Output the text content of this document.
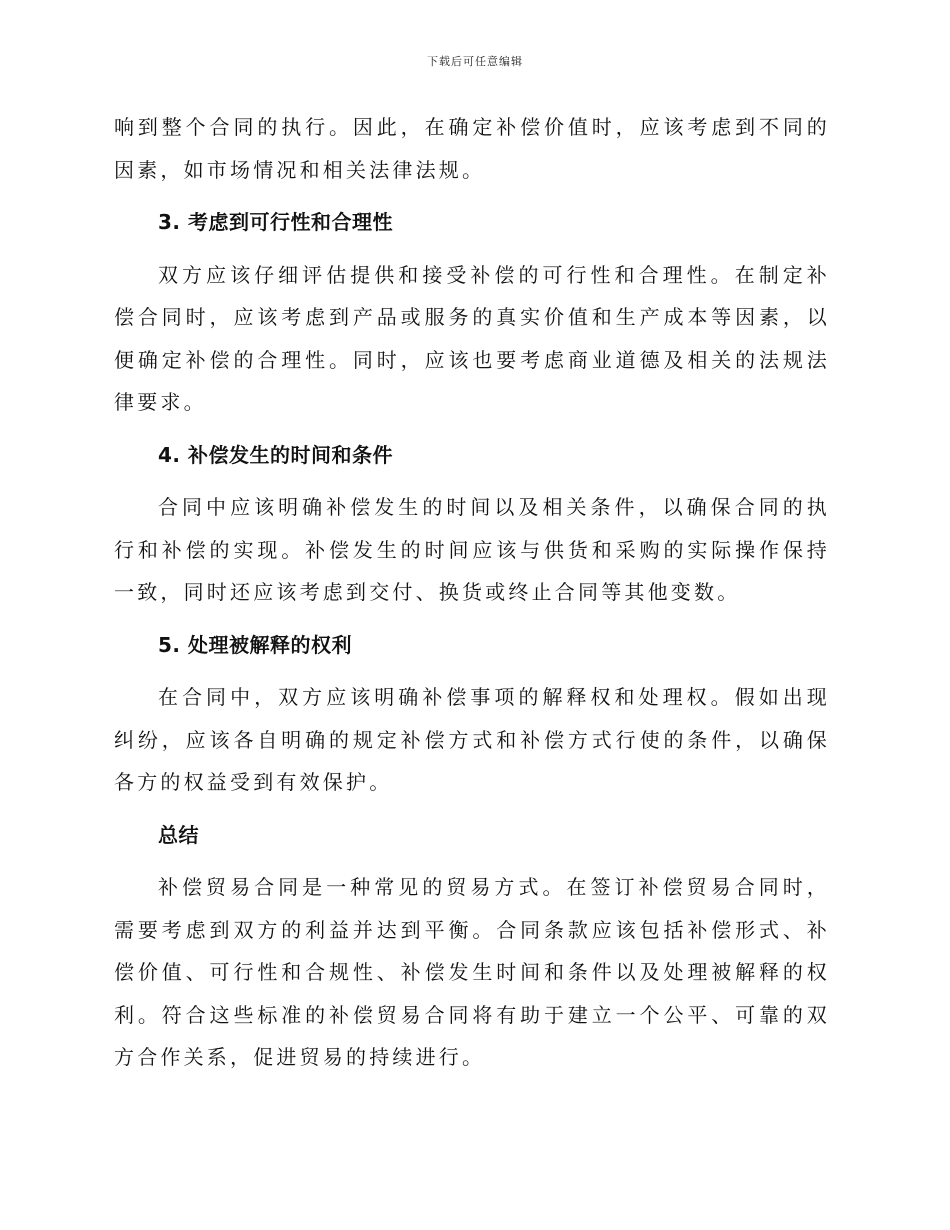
下载后可任意编辑

响到整个合同的执行。因此，在确定补偿价值时，应该考虑到不同的因素，如市场情况和相关法律法规。

3. 考虑到可行性和合理性

双方应该仔细评估提供和接受补偿的可行性和合理性。在制定补偿合同时，应该考虑到产品或服务的真实价值和生产成本等因素，以便确定补偿的合理性。同时，应该也要考虑商业道德及相关的法规法律要求。

4. 补偿发生的时间和条件

合同中应该明确补偿发生的时间以及相关条件，以确保合同的执行和补偿的实现。补偿发生的时间应该与供货和采购的实际操作保持一致，同时还应该考虑到交付、换货或终止合同等其他变数。

5. 处理被解释的权利

在合同中，双方应该明确补偿事项的解释权和处理权。假如出现纠纷，应该各自明确的规定补偿方式和补偿方式行使的条件，以确保各方的权益受到有效保护。

总结

补偿贸易合同是一种常见的贸易方式。在签订补偿贸易合同时，需要考虑到双方的利益并达到平衡。合同条款应该包括补偿形式、补偿价值、可行性和合规性、补偿发生时间和条件以及处理被解释的权利。符合这些标准的补偿贸易合同将有助于建立一个公平、可靠的双方合作关系，促进贸易的持续进行。
